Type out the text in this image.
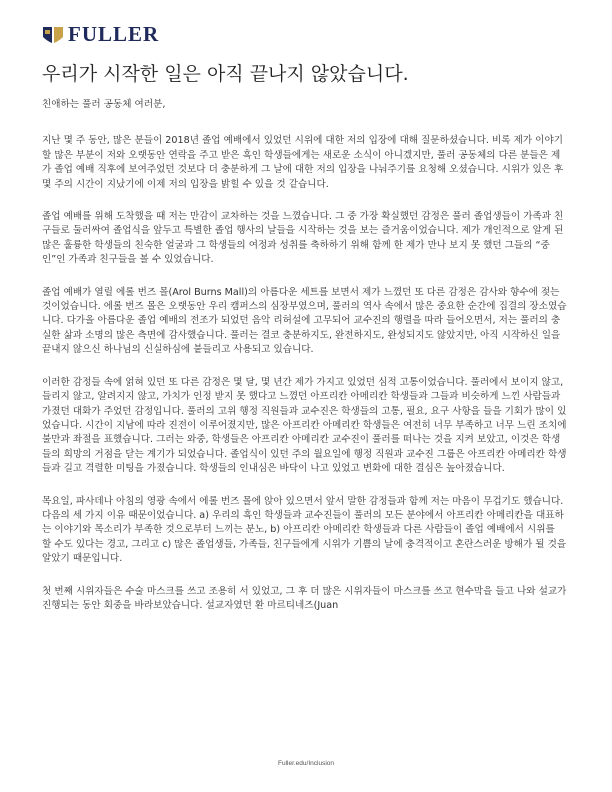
FULLER
우리가 시작한 일은 아직 끝나지 않았습니다.

친애하는 풀러 공동체 여러분,

지난 몇 주 동안, 많은 분들이 2018년 졸업 예배에서 있었던 시위에 대한 저의 입장에 대해 질문하셨습니다. 비록 제가 이야기 할 많은 부분이 저와 오랫동안 연락을 주고 받은 흑인 학생들에게는 새로운 소식이 아니겠지만, 풀러 공동체의 다른 분들은 제가 졸업 예배 직후에 보여주었던 것보다 더 충분하게 그 날에 대한 저의 입장을 나눠주기를 요청해 오셨습니다. 시위가 있은 후 몇 주의 시간이 지났기에 이제 저의 입장을 밝힐 수 있을 것 같습니다.

졸업 예배를 위해 도착했을 때 저는 만감이 교차하는 것을 느꼈습니다. 그 중 가장 확실했던 감정은 풀러 졸업생들이 가족과 친구들로 둘러싸여 졸업식을 앞두고 특별한 졸업 행사의 날들을 시작하는 것을 보는 즐거움이었습니다. 제가 개인적으로 알게 된 많은 훌륭한 학생들의 친숙한 얼굴과 그 학생들의 여정과 성취를 축하하기 위해 함께 한 제가 만나 보지 못 했던 그들의 “중인”인 가족과 친구들을 볼 수 있었습니다.

졸업 예배가 열릴 에롤 번즈 몰(Arol Burns Mall)의 아름다운 세트를 보면서 제가 느꼈던 또 다른 감정은 감사와 향수에 젖는 것이었습니다. 에롤 번즈 몰은 오랫동안 우리 캠퍼스의 심장부였으며, 풀러의 역사 속에서 많은 중요한 순간에 집결의 장소였습니다. 다가올 아름다운 졸업 예배의 전조가 되었던 음악 리허설에 고무되어 교수진의 행렬을 따라 들어오면서, 저는 풀러의 충실한 삶과 소명의 많은 측면에 감사했습니다. 풀러는 결코 충분하지도, 완전하지도, 완성되지도 않았지만, 아직 시작하신 일을 끝내지 않으신 하나님의 신실하심에 붙들리고 사용되고 있습니다.

이러한 감정들 속에 얽혀 있던 또 다른 감정은 몇 달, 몇 년간 제가 가지고 있었던 심적 고통이었습니다. 풀러에서 보이지 않고, 들리지 않고, 알려지지 않고, 가치가 인정 받지 못 했다고 느꼈던 아프리칸 아메리칸 학생들과 그들과 비슷하게 느낀 사람들과 가졌던 대화가 주었던 감정입니다. 풀러의 고위 행정 직원들과 교수진은 학생들의 고통, 필요, 요구 사항을 들을 기회가 많이 있었습니다. 시간이 지남에 따라 진전이 이루어졌지만, 많은 아프리칸 아메리칸 학생들은 여전히 너무 부족하고 너무 느린 조치에 불만과 좌절을 표했습니다. 그러는 와중, 학생들은 아프리칸 아메리칸 교수진이 풀러를 떠나는 것을 지켜 보았고, 이것은 학생들의 희망의 거점을 닫는 계기가 되었습니다. 졸업식이 있던 주의 월요일에 행정 직원과 교수진 그룹은 아프리칸 아메리칸 학생들과 길고 격렬한 미팅을 가졌습니다. 학생들의 인내심은 바닥이 나고 있었고 변화에 대한 결심은 높아졌습니다.

목요일, 파사데나 아침의 영광 속에서 에롤 번즈 몰에 앉아 있으면서 앞서 말한 감정들과 함께 저는 마음이 무겁기도 했습니다. 다음의 세 가지 이유 때문이었습니다. a) 우리의 흑인 학생들과 교수진들이 풀러의 모든 분야에서 아프리칸 아메리칸을 대표하는 이야기와 목소리가 부족한 것으로부터 느끼는 분노, b) 아프리칸 아메리칸 학생들과 다른 사람들이 졸업 예배에서 시위를 할 수도 있다는 경고, 그리고 c) 많은 졸업생들, 가족들, 친구들에게 시위가 기쁨의 날에 충격적이고 혼란스러운 방해가 될 것을 알았기 때문입니다.

첫 번째 시위자들은 수술 마스크를 쓰고 조용히 서 있었고, 그 후 더 많은 시위자들이 마스크를 쓰고 현수막을 들고 나와 설교가 진행되는 동안 회중을 바라보았습니다. 설교자였던 환 마르티네즈(Juan

Fuller.edu/Inclusion
